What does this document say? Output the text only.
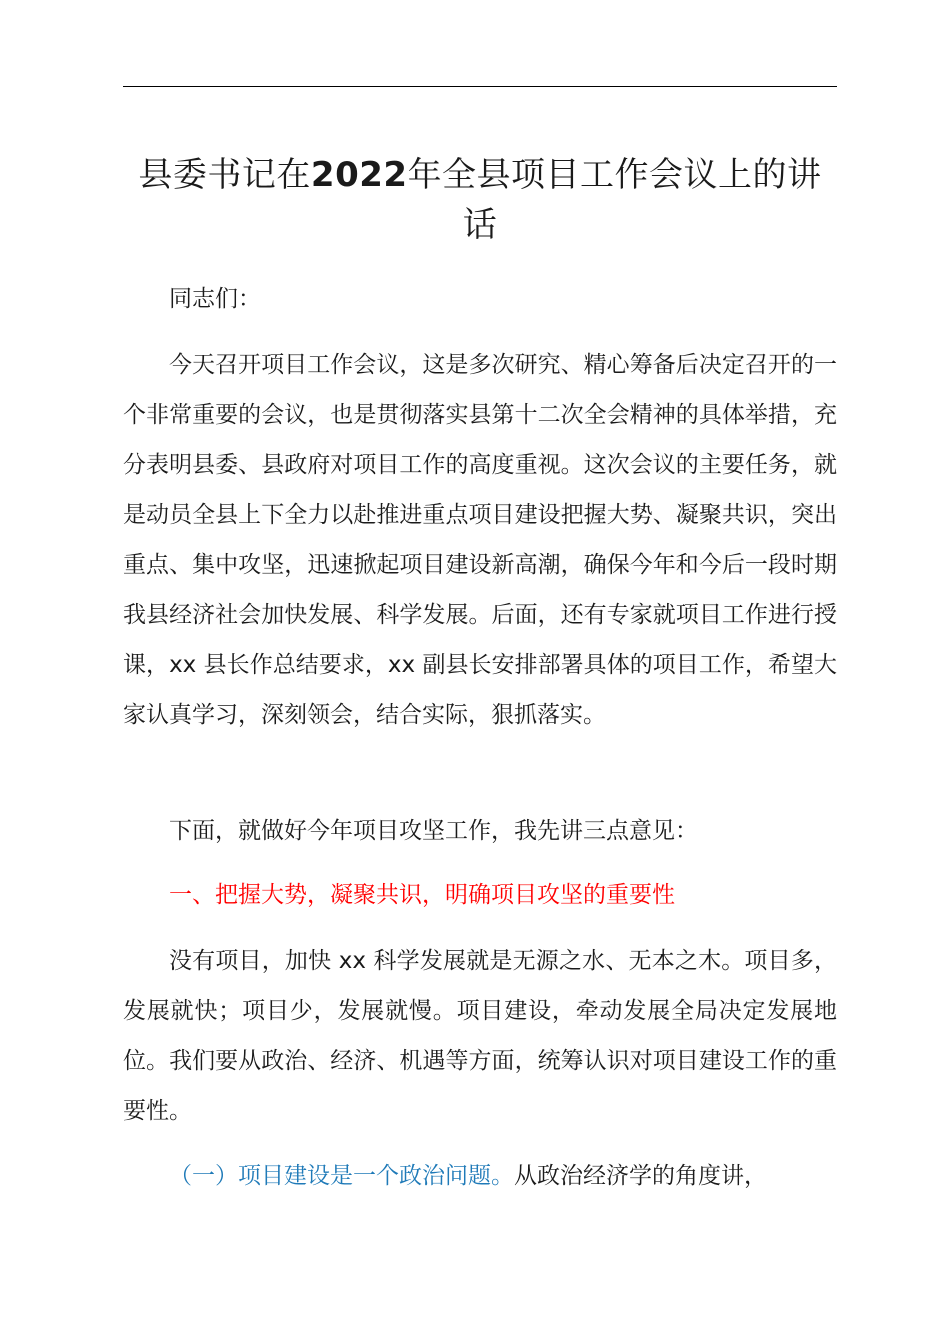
县委书记在2022年全县项目工作会议上的讲话

同志们：

今天召开项目工作会议，这是多次研究、精心筹备后决定召开的一个非常重要的会议，也是贯彻落实县第十二次全会精神的具体举措，充分表明县委、县政府对项目工作的高度重视。这次会议的主要任务，就是动员全县上下全力以赴推进重点项目建设把握大势、凝聚共识，突出重点、集中攻坚，迅速掀起项目建设新高潮，确保今年和今后一段时期我县经济社会加快发展、科学发展。后面，还有专家就项目工作进行授课，xx 县长作总结要求，xx 副县长安排部署具体的项目工作，希望大家认真学习，深刻领会，结合实际，狠抓落实。

下面，就做好今年项目攻坚工作，我先讲三点意见：

一、把握大势，凝聚共识，明确项目攻坚的重要性

没有项目，加快 xx 科学发展就是无源之水、无本之木。项目多，发展就快；项目少，发展就慢。项目建设，牵动发展全局决定发展地位。我们要从政治、经济、机遇等方面，统筹认识对项目建设工作的重要性。

（一）项目建设是一个政治问题。从政治经济学的角度讲，
